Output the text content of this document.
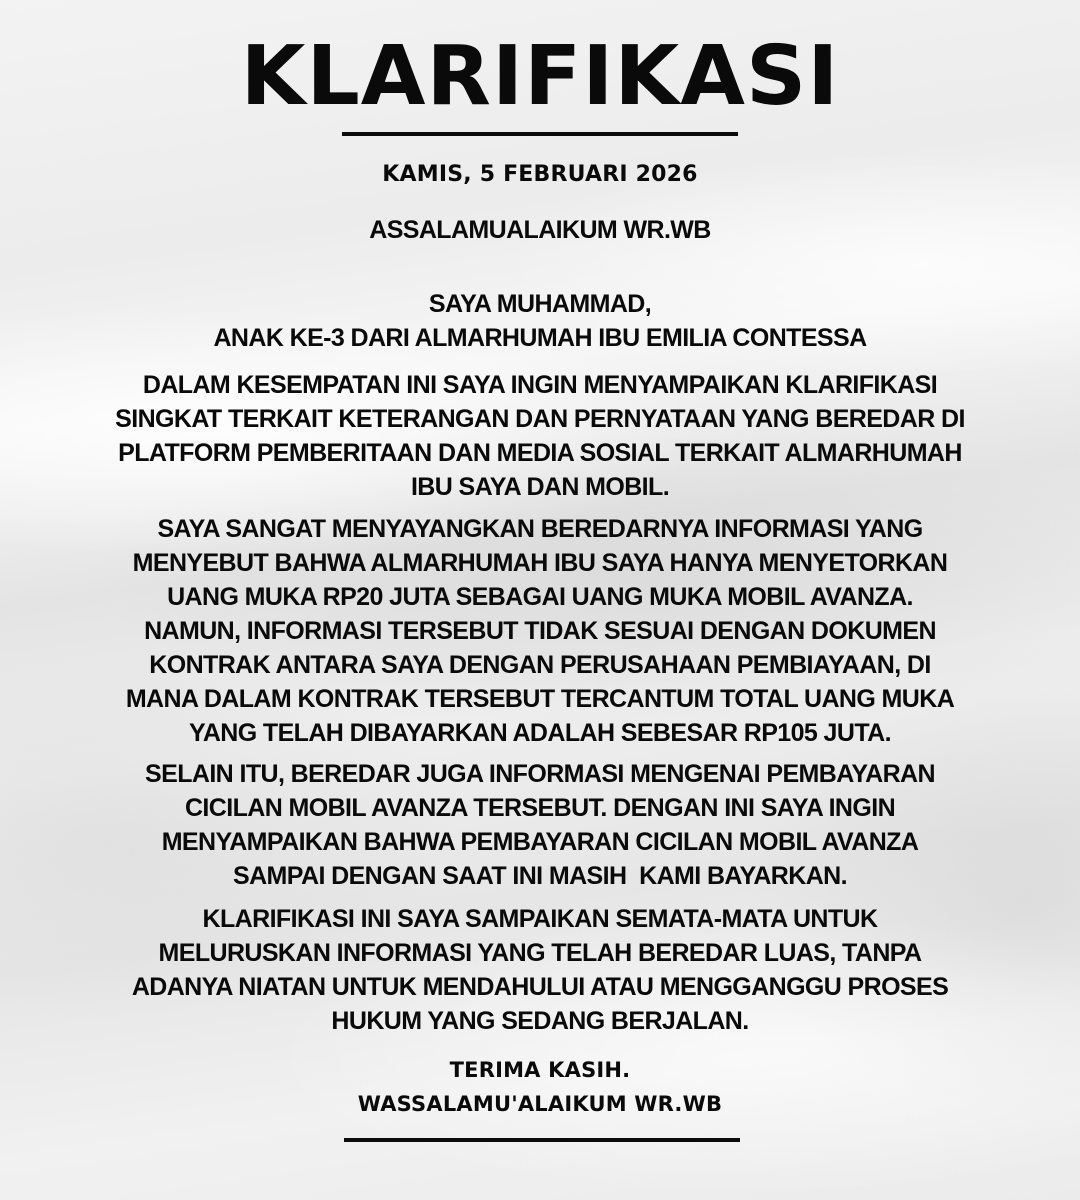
KLARIFIKASI
KAMIS, 5 FEBRUARI 2026
ASSALAMUALAIKUM WR.WB
SAYA MUHAMMAD,
ANAK KE-3 DARI ALMARHUMAH IBU EMILIA CONTESSA
DALAM KESEMPATAN INI SAYA INGIN MENYAMPAIKAN KLARIFIKASI
SINGKAT TERKAIT KETERANGAN DAN PERNYATAAN YANG BEREDAR DI
PLATFORM PEMBERITAAN DAN MEDIA SOSIAL TERKAIT ALMARHUMAH
IBU SAYA DAN MOBIL.
SAYA SANGAT MENYAYANGKAN BEREDARNYA INFORMASI YANG
MENYEBUT BAHWA ALMARHUMAH IBU SAYA HANYA MENYETORKAN
UANG MUKA RP20 JUTA SEBAGAI UANG MUKA MOBIL AVANZA.
NAMUN, INFORMASI TERSEBUT TIDAK SESUAI DENGAN DOKUMEN
KONTRAK ANTARA SAYA DENGAN PERUSAHAAN PEMBIAYAAN, DI
MANA DALAM KONTRAK TERSEBUT TERCANTUM TOTAL UANG MUKA
YANG TELAH DIBAYARKAN ADALAH SEBESAR RP105 JUTA.
SELAIN ITU, BEREDAR JUGA INFORMASI MENGENAI PEMBAYARAN
CICILAN MOBIL AVANZA TERSEBUT. DENGAN INI SAYA INGIN
MENYAMPAIKAN BAHWA PEMBAYARAN CICILAN MOBIL AVANZA
SAMPAI DENGAN SAAT INI MASIH  KAMI BAYARKAN.
KLARIFIKASI INI SAYA SAMPAIKAN SEMATA-MATA UNTUK
MELURUSKAN INFORMASI YANG TELAH BEREDAR LUAS, TANPA
ADANYA NIATAN UNTUK MENDAHULUI ATAU MENGGANGGU PROSES
HUKUM YANG SEDANG BERJALAN.
TERIMA KASIH.
WASSALAMU'ALAIKUM WR.WB
